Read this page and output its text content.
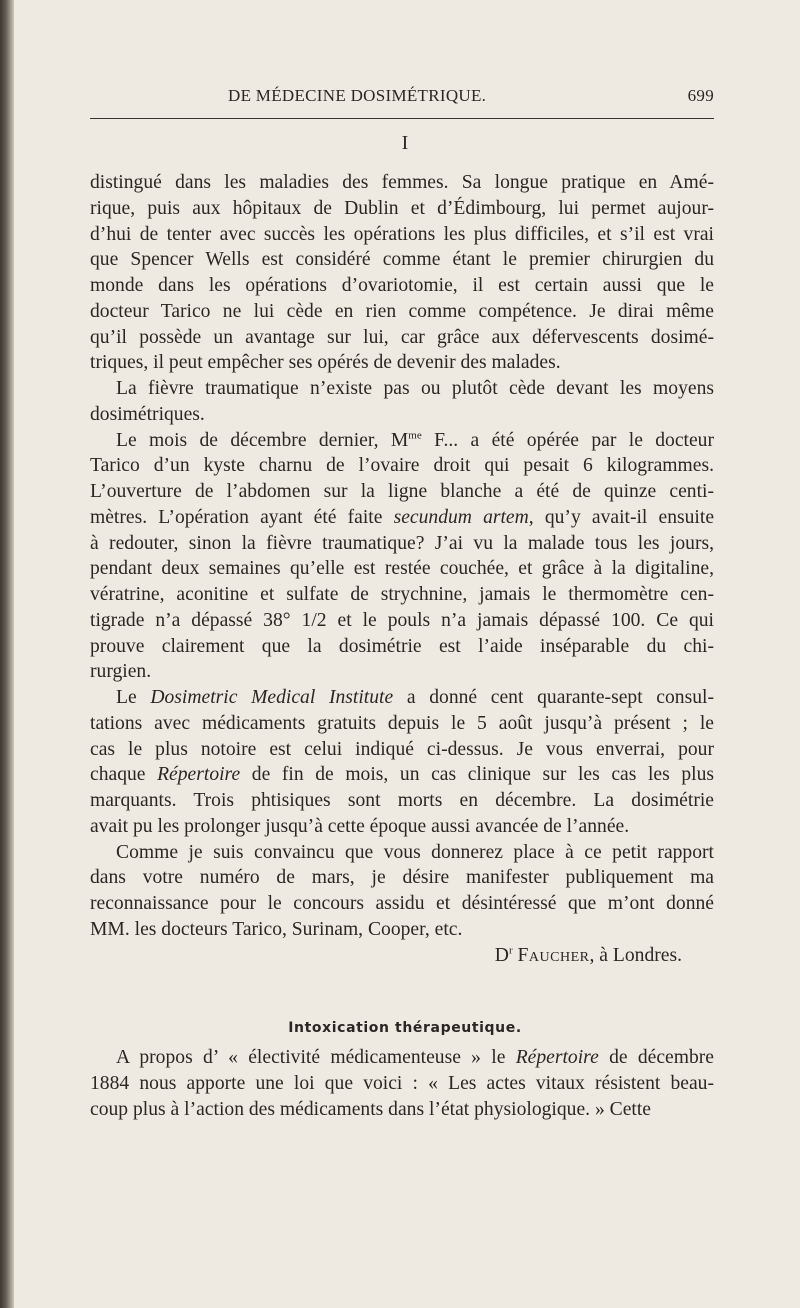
DE MÉDECINE DOSIMÉTRIQUE.	699
I

distingué dans les maladies des femmes. Sa longue pratique en Amé-
rique, puis aux hôpitaux de Dublin et d’Édimbourg, lui permet aujour-
d’hui de tenter avec succès les opérations les plus difficiles, et s’il est vrai
que Spencer Wells est considéré comme étant le premier chirurgien du
monde dans les opérations d’ovariotomie, il est certain aussi que le
docteur Tarico ne lui cède en rien comme compétence. Je dirai même
qu’il possède un avantage sur lui, car grâce aux défervescents dosimé-
triques, il peut empêcher ses opérés de devenir des malades.

La fièvre traumatique n’existe pas ou plutôt cède devant les moyens
dosimétriques.

Le mois de décembre dernier, $M^{me}$ F... a été opérée par le docteur
Tarico d’un kyste charnu de l’ovaire droit qui pesait 6 kilogrammes.
L’ouverture de l’abdomen sur la ligne blanche a été de quinze centi-
mètres. L’opération ayant été faite secundum artem, qu’y avait-il ensuite
à redouter, sinon la fièvre traumatique? J’ai vu la malade tous les jours,
pendant deux semaines qu’elle est restée couchée, et grâce à la digitaline,
vératrine, aconitine et sulfate de strychnine, jamais le thermomètre cen-
tigrade n’a dépassé 38° 1/2 et le pouls n’a jamais dépassé 100. Ce qui
prouve clairement que la dosimétrie est l’aide inséparable du chi-
rurgien.

Le Dosimetric Medical Institute a donné cent quarante-sept consul-
tations avec médicaments gratuits depuis le 5 août jusqu’à présent ; le
cas le plus notoire est celui indiqué ci-dessus. Je vous enverrai, pour
chaque Répertoire de fin de mois, un cas clinique sur les cas les plus
marquants. Trois phtisiques sont morts en décembre. La dosimétrie
avait pu les prolonger jusqu’à cette époque aussi avancée de l’année.

Comme je suis convaincu que vous donnerez place à ce petit rapport
dans votre numéro de mars, je désire manifester publiquement ma
reconnaissance pour le concours assidu et désintéressé que m’ont donné
MM. les docteurs Tarico, Surinam, Cooper, etc.

$D^r$ Faucher, à Londres.

Intoxication thérapeutique.

A propos d’ « électivité médicamenteuse » le Répertoire de décembre
1884 nous apporte une loi que voici : « Les actes vitaux résistent beau-
coup plus à l’action des médicaments dans l’état physiologique. » Cette
